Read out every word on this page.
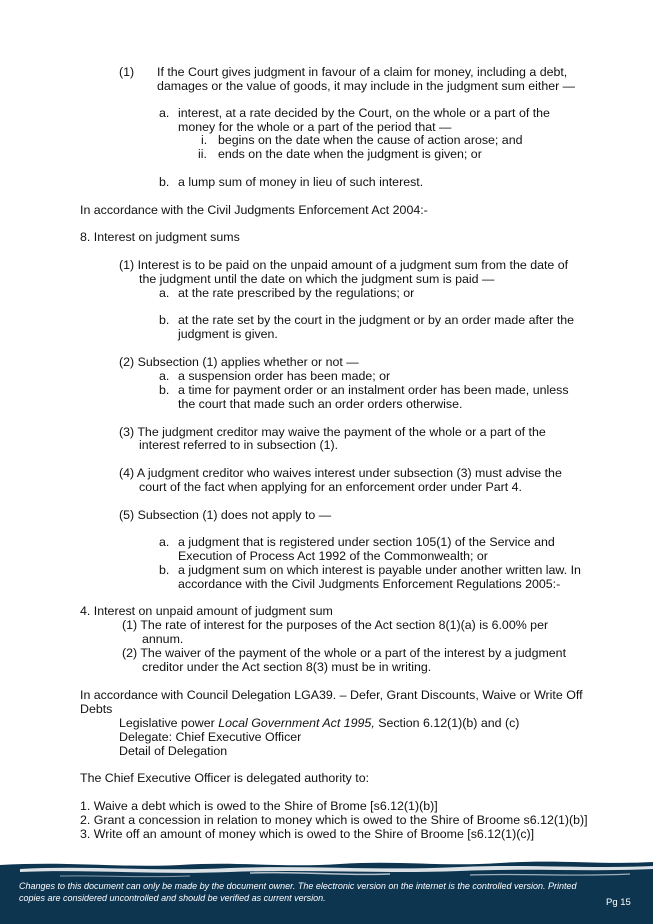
(1) If the Court gives judgment in favour of a claim for money, including a debt,
damages or the value of goods, it may include in the judgment sum either —
a. interest, at a rate decided by the Court, on the whole or a part of the
money for the whole or a part of the period that —
i. begins on the date when the cause of action arose; and
ii. ends on the date when the judgment is given; or
b. a lump sum of money in lieu of such interest.
In accordance with the Civil Judgments Enforcement Act 2004:-
8. Interest on judgment sums
(1) Interest is to be paid on the unpaid amount of a judgment sum from the date of
the judgment until the date on which the judgment sum is paid —
a. at the rate prescribed by the regulations; or
b. at the rate set by the court in the judgment or by an order made after the
judgment is given.
(2) Subsection (1) applies whether or not —
a. a suspension order has been made; or
b. a time for payment order or an instalment order has been made, unless
the court that made such an order orders otherwise.
(3) The judgment creditor may waive the payment of the whole or a part of the
interest referred to in subsection (1).
(4) A judgment creditor who waives interest under subsection (3) must advise the
court of the fact when applying for an enforcement order under Part 4.
(5) Subsection (1) does not apply to —
a. a judgment that is registered under section 105(1) of the Service and
Execution of Process Act 1992 of the Commonwealth; or
b. a judgment sum on which interest is payable under another written law. In
accordance with the Civil Judgments Enforcement Regulations 2005:-
4. Interest on unpaid amount of judgment sum
(1) The rate of interest for the purposes of the Act section 8(1)(a) is 6.00% per
annum.
(2) The waiver of the payment of the whole or a part of the interest by a judgment
creditor under the Act section 8(3) must be in writing.
In accordance with Council Delegation LGA39. – Defer, Grant Discounts, Waive or Write Off
Debts
Legislative power Local Government Act 1995, Section 6.12(1)(b) and (c)
Delegate: Chief Executive Officer
Detail of Delegation
The Chief Executive Officer is delegated authority to:
1. Waive a debt which is owed to the Shire of Brome [s6.12(1)(b)]
2. Grant a concession in relation to money which is owed to the Shire of Broome s6.12(1)(b)]
3. Write off an amount of money which is owed to the Shire of Broome [s6.12(1)(c)]
Changes to this document can only be made by the document owner. The electronic version on the internet is the controlled version. Printed copies are considered uncontrolled and should be verified as current version.	Pg 15
